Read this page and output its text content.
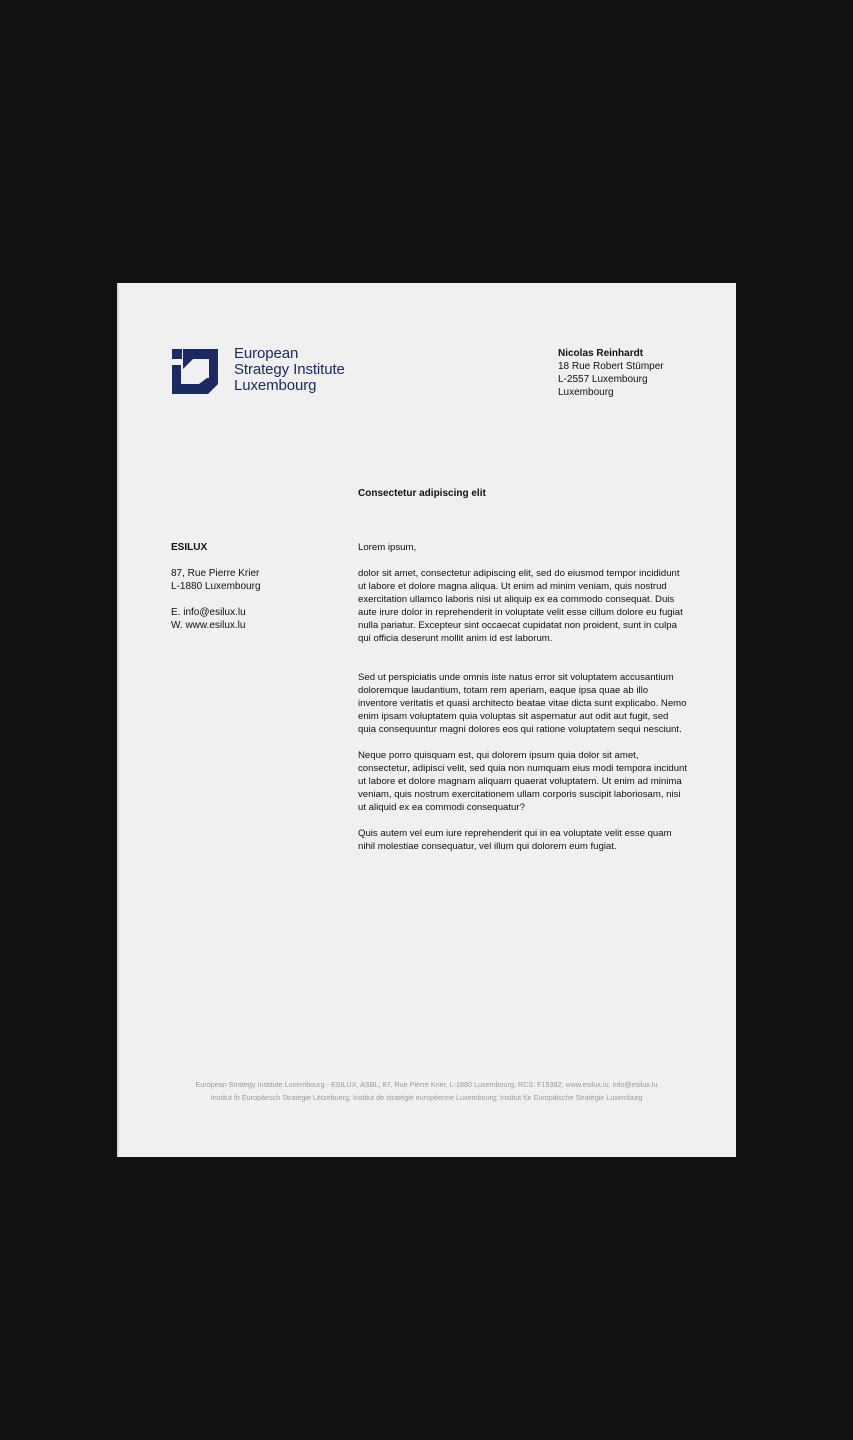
European
Strategy Institute
Luxembourg
Nicolas Reinhardt
18 Rue Robert Stümper
L-2557 Luxembourg
Luxembourg
Consectetur adipiscing elit
ESILUX
87, Rue Pierre Krier
L-1880 Luxembourg
E. info@esilux.lu
W. www.esilux.lu

Lorem ipsum,

dolor sit amet, consectetur adipiscing elit, sed do eiusmod tempor incididunt ut labore et dolore magna aliqua. Ut enim ad minim veniam, quis nostrud exercitation ullamco laboris nisi ut aliquip ex ea commodo consequat. Duis aute irure dolor in reprehenderit in voluptate velit esse cillum dolore eu fugiat nulla pariatur. Excepteur sint occaecat cupidatat non proident, sunt in culpa qui officia deserunt mollit anim id est laborum.

Sed ut perspiciatis unde omnis iste natus error sit voluptatem accusantium doloremque laudantium, totam rem aperiam, eaque ipsa quae ab illo inventore veritatis et quasi architecto beatae vitae dicta sunt explicabo. Nemo enim ipsam voluptatem quia voluptas sit aspernatur aut odit aut fugit, sed quia consequuntur magni dolores eos qui ratione voluptatem sequi nesciunt.

Neque porro quisquam est, qui dolorem ipsum quia dolor sit amet, consectetur, adipisci velit, sed quia non numquam eius modi tempora incidunt ut labore et dolore magnam aliquam quaerat voluptatem. Ut enim ad minima veniam, quis nostrum exercitationem ullam corporis suscipit laboriosam, nisi ut aliquid ex ea commodi consequatur?

Quis autem vel eum iure reprehenderit qui in ea voluptate velit esse quam nihil molestiae consequatur, vel illum qui dolorem eum fugiat.

European Strategy Institute Luxembourg - ESILUX, ASBL; 87, Rue Pierre Krier, L-1880 Luxembourg; RCS: F15382; www.esilux.lu; info@esilux.lu
Institut fir Europäesch Strategie Lëtzebuerg; Institut de stratégie européenne Luxembourg; Institut für Europäische Strategie Luxemburg
